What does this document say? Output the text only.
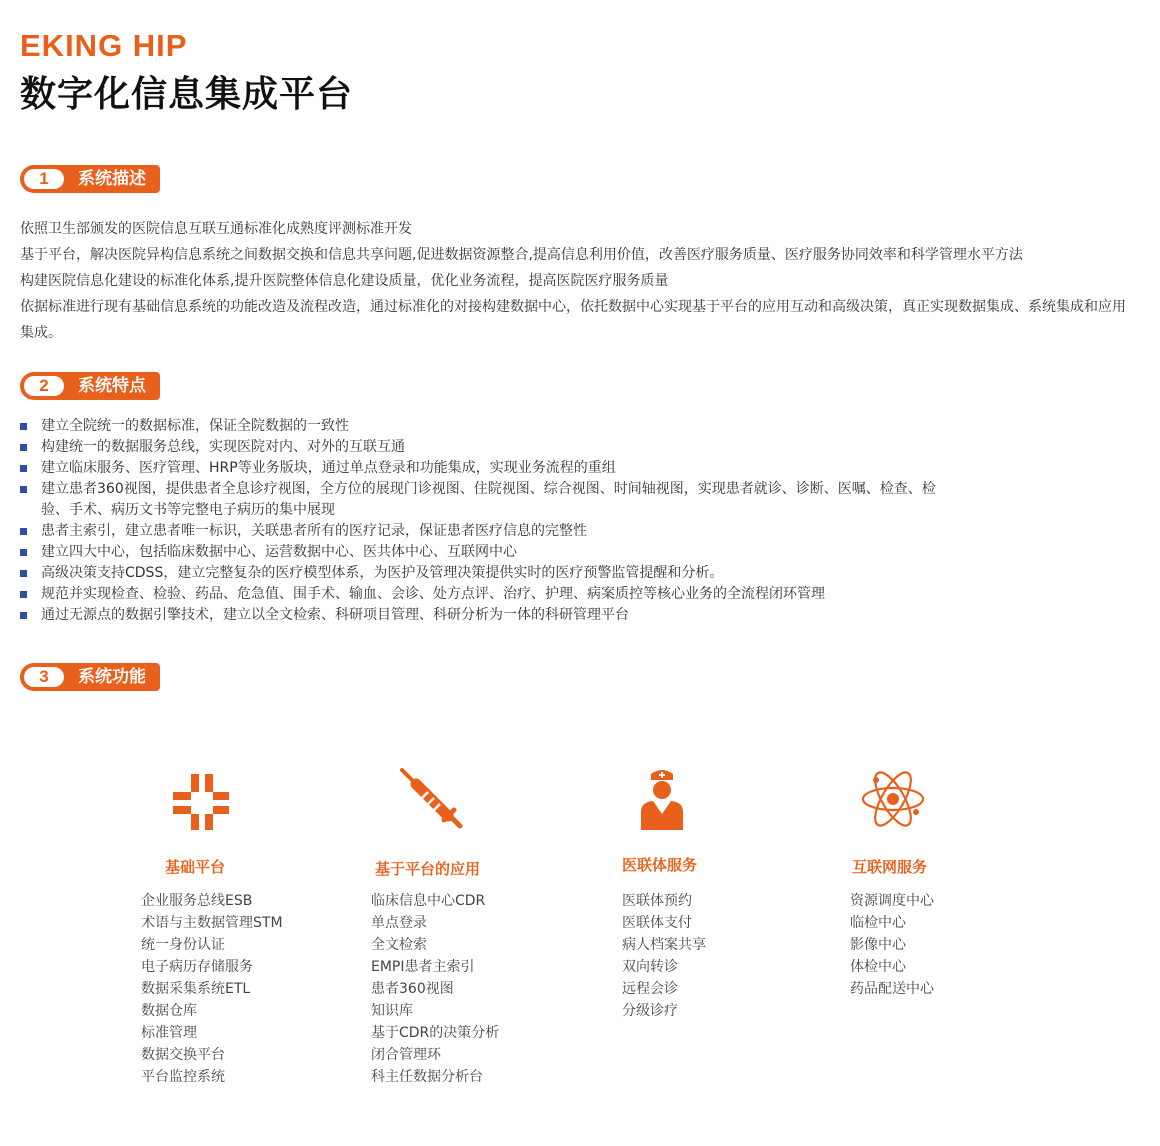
EKING HIP
数字化信息集成平台
1	系统描述

依照卫生部颁发的医院信息互联互通标准化成熟度评测标准开发

基于平台，解决医院异构信息系统之间数据交换和信息共享问题,促进数据资源整合,提高信息利用价值，改善医疗服务质量、医疗服务协同效率和科学管理水平方法

构建医院信息化建设的标准化体系,提升医院整体信息化建设质量，优化业务流程，提高医院医疗服务质量

依据标准进行现有基础信息系统的功能改造及流程改造，通过标准化的对接构建数据中心，依托数据中心实现基于平台的应用互动和高级决策，真正实现数据集成、系统集成和应用集成。

2	系统特点
建立全院统一的数据标准，保证全院数据的一致性
构建统一的数据服务总线，实现医院对内、对外的互联互通
建立临床服务、医疗管理、HRP等业务版块，通过单点登录和功能集成，实现业务流程的重组
建立患者360视图，提供患者全息诊疗视图，全方位的展现门诊视图、住院视图、综合视图、时间轴视图，实现患者就诊、诊断、医嘱、检查、检验、手术、病历文书等完整电子病历的集中展现
患者主索引，建立患者唯一标识，关联患者所有的医疗记录，保证患者医疗信息的完整性
建立四大中心，包括临床数据中心、运营数据中心、医共体中心、互联网中心
高级决策支持CDSS，建立完整复杂的医疗模型体系，为医护及管理决策提供实时的医疗预警监管提醒和分析。
规范并实现检查、检验、药品、危急值、围手术、输血、会诊、处方点评、治疗、护理、病案质控等核心业务的全流程闭环管理
通过无源点的数据引擎技术，建立以全文检索、科研项目管理、科研分析为一体的科研管理平台
3	系统功能
基础平台
企业服务总线ESB
术语与主数据管理STM
统一身份认证
电子病历存储服务
数据采集系统ETL
数据仓库
标准管理
数据交换平台
平台监控系统
基于平台的应用
临床信息中心CDR
单点登录
全文检索
EMPI患者主索引
患者360视图
知识库
基于CDR的决策分析
闭合管理环
科主任数据分析台
医联体服务
医联体预约
医联体支付
病人档案共享
双向转诊
远程会诊
分级诊疗
互联网服务
资源调度中心
临检中心
影像中心
体检中心
药品配送中心
